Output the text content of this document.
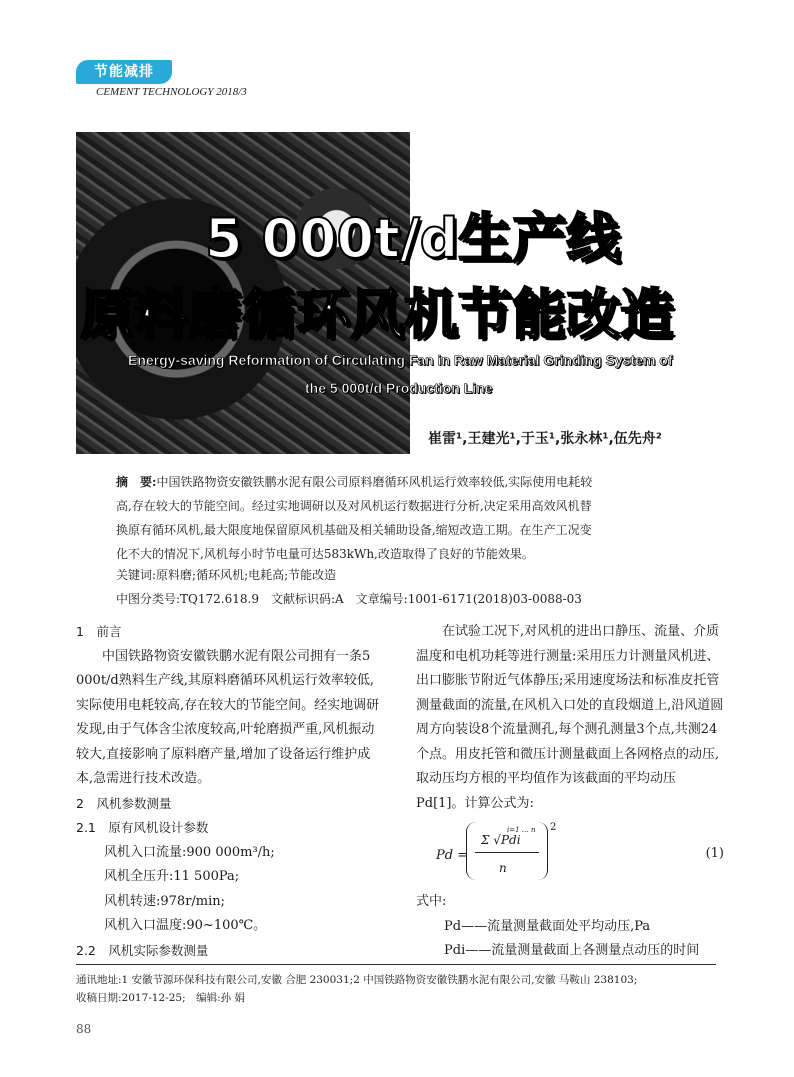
节能减排
CEMENT TECHNOLOGY 2018/3
5 000t/d生产线
原料磨循环风机节能改造
Energy-saving Reformation of Circulating Fan in Raw Material Grinding System of
the 5 000t/d Production Line
崔雷¹,王建光¹,于玉¹,张永林¹,伍先舟²

摘　要:中国铁路物资安徽铁鹏水泥有限公司原料磨循环风机运行效率较低,实际使用电耗较

高,存在较大的节能空间。经过实地调研以及对风机运行数据进行分析,决定采用高效风机替

换原有循环风机,最大限度地保留原风机基础及相关辅助设备,缩短改造工期。在生产工况变

化不大的情况下,风机每小时节电量可达583kWh,改造取得了良好的节能效果。

关键词:原料磨;循环风机;电耗高;节能改造
中图分类号:TQ172.618.9　文献标识码:A　文章编号:1001-6171(2018)03-0088-03

1　前言

中国铁路物资安徽铁鹏水泥有限公司拥有一条5 000t/d熟料生产线,其原料磨循环风机运行效率较低,实际使用电耗较高,存在较大的节能空间。经实地调研发现,由于气体含尘浓度较高,叶轮磨损严重,风机振动较大,直接影响了原料磨产量,增加了设备运行维护成本,急需进行技术改造。

2　风机参数测量

2.1　原有风机设计参数

风机入口流量:900 000m³/h;

风机全压升:11 500Pa;

风机转速:978r/min;

风机入口温度:90~100℃。

2.2　风机实际参数测量

在试验工况下,对风机的进出口静压、流量、介质温度和电机功耗等进行测量:采用压力计测量风机进、出口膨胀节附近气体静压;采用速度场法和标准皮托管测量截面的流量,在风机入口处的直段烟道上,沿风道圆周方向装设8个流量测孔,每个测孔测量3个点,共测24个点。用皮托管和微压计测量截面上各网格点的动压,取动压均方根的平均值作为该截面的平均动压Pd[1]。计算公式为:

Pd =
Σ √Pdi
i=1 … n
n
2
(1)

式中:

Pd——流量测量截面处平均动压,Pa

Pdi——流量测量截面上各测量点动压的时间

通讯地址:1 安徽节源环保科技有限公司,安徽 合肥 230031;2 中国铁路物资安徽铁鹏水泥有限公司,安徽 马鞍山 238103;
收稿日期:2017-12-25;　编辑:孙 娟
88
